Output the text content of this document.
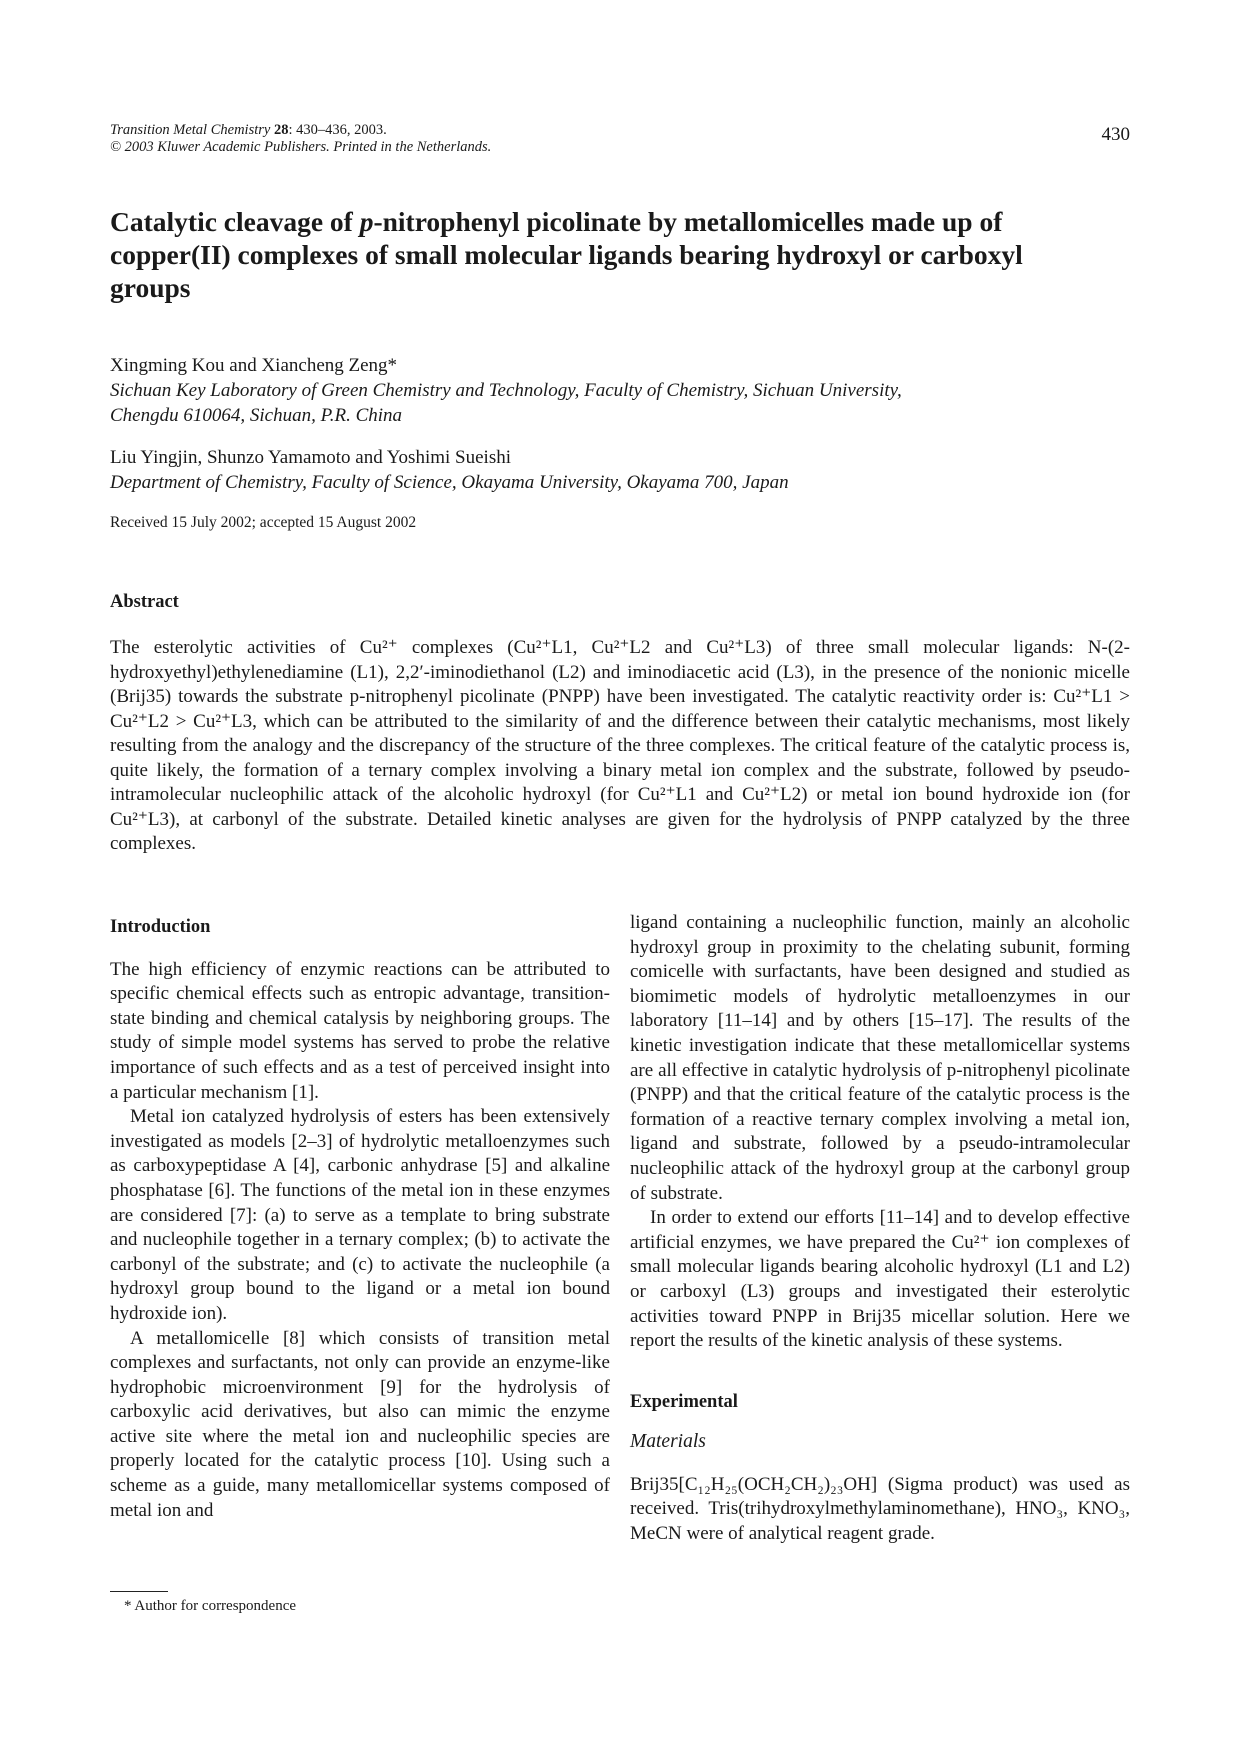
Transition Metal Chemistry 28: 430–436, 2003.
© 2003 Kluwer Academic Publishers. Printed in the Netherlands.
430
Catalytic cleavage of p-nitrophenyl picolinate by metallomicelles made up of copper(II) complexes of small molecular ligands bearing hydroxyl or carboxyl groups
Xingming Kou and Xiancheng Zeng*
Sichuan Key Laboratory of Green Chemistry and Technology, Faculty of Chemistry, Sichuan University,
Chengdu 610064, Sichuan, P.R. China
Liu Yingjin, Shunzo Yamamoto and Yoshimi Sueishi
Department of Chemistry, Faculty of Science, Okayama University, Okayama 700, Japan
Received 15 July 2002; accepted 15 August 2002
Abstract

The esterolytic activities of Cu²⁺ complexes (Cu²⁺L1, Cu²⁺L2 and Cu²⁺L3) of three small molecular ligands: N-(2-hydroxyethyl)ethylenediamine (L1), 2,2′-iminodiethanol (L2) and iminodiacetic acid (L3), in the presence of the nonionic micelle (Brij35) towards the substrate p-nitrophenyl picolinate (PNPP) have been investigated. The catalytic reactivity order is: Cu²⁺L1 > Cu²⁺L2 > Cu²⁺L3, which can be attributed to the similarity of and the difference between their catalytic mechanisms, most likely resulting from the analogy and the discrepancy of the structure of the three complexes. The critical feature of the catalytic process is, quite likely, the formation of a ternary complex involving a binary metal ion complex and the substrate, followed by pseudo-intramolecular nucleophilic attack of the alcoholic hydroxyl (for Cu²⁺L1 and Cu²⁺L2) or metal ion bound hydroxide ion (for Cu²⁺L3), at carbonyl of the substrate. Detailed kinetic analyses are given for the hydrolysis of PNPP catalyzed by the three complexes.

Introduction

The high efficiency of enzymic reactions can be attributed to specific chemical effects such as entropic advantage, transition-state binding and chemical catalysis by neighboring groups. The study of simple model systems has served to probe the relative importance of such effects and as a test of perceived insight into a particular mechanism [1].

Metal ion catalyzed hydrolysis of esters has been extensively investigated as models [2–3] of hydrolytic metalloenzymes such as carboxypeptidase A [4], carbonic anhydrase [5] and alkaline phosphatase [6]. The functions of the metal ion in these enzymes are considered [7]: (a) to serve as a template to bring substrate and nucleophile together in a ternary complex; (b) to activate the carbonyl of the substrate; and (c) to activate the nucleophile (a hydroxyl group bound to the ligand or a metal ion bound hydroxide ion).

A metallomicelle [8] which consists of transition metal complexes and surfactants, not only can provide an enzyme-like hydrophobic microenvironment [9] for the hydrolysis of carboxylic acid derivatives, but also can mimic the enzyme active site where the metal ion and nucleophilic species are properly located for the catalytic process [10]. Using such a scheme as a guide, many metallomicellar systems composed of metal ion and

ligand containing a nucleophilic function, mainly an alcoholic hydroxyl group in proximity to the chelating subunit, forming comicelle with surfactants, have been designed and studied as biomimetic models of hydrolytic metalloenzymes in our laboratory [11–14] and by others [15–17]. The results of the kinetic investigation indicate that these metallomicellar systems are all effective in catalytic hydrolysis of p-nitrophenyl picolinate (PNPP) and that the critical feature of the catalytic process is the formation of a reactive ternary complex involving a metal ion, ligand and substrate, followed by a pseudo-intramolecular nucleophilic attack of the hydroxyl group at the carbonyl group of substrate.

In order to extend our efforts [11–14] and to develop effective artificial enzymes, we have prepared the Cu²⁺ ion complexes of small molecular ligands bearing alcoholic hydroxyl (L1 and L2) or carboxyl (L3) groups and investigated their esterolytic activities toward PNPP in Brij35 micellar solution. Here we report the results of the kinetic analysis of these systems.

Experimental
Materials

Brij35[C₁₂H₂₅(OCH₂CH₂)₂₃OH] (Sigma product) was used as received. Tris(trihydroxylmethylaminomethane), HNO₃, KNO₃, MeCN were of analytical reagent grade.

* Author for correspondence
